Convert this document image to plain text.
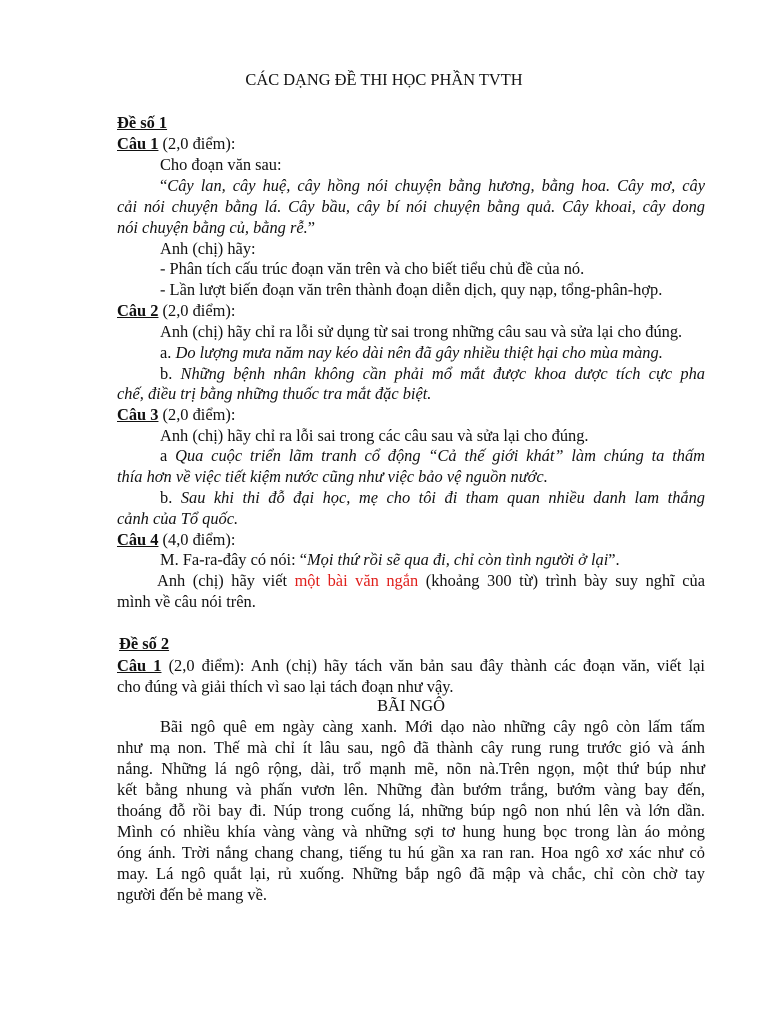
CÁC DẠNG ĐỀ THI HỌC PHẦN TVTH
Đề số 1
Câu 1 (2,0 điểm):
Cho đoạn văn sau:
“Cây lan, cây huệ, cây hồng nói chuyện bằng hương, bằng hoa. Cây mơ, cây
cải nói chuyện bằng lá. Cây bầu, cây bí nói chuyện bằng quả. Cây khoai, cây dong
nói chuyện bằng củ, bằng rễ.”
Anh (chị) hãy:
- Phân tích cấu trúc đoạn văn trên và cho biết tiểu chủ đề của nó.
- Lần lượt biến đoạn văn trên thành đoạn diễn dịch, quy nạp, tổng-phân-hợp.
Câu 2 (2,0 điểm):
Anh (chị) hãy chỉ ra lỗi sử dụng từ sai trong những câu sau và sửa lại cho đúng.
a. Do lượng mưa năm nay kéo dài nên đã gây nhiều thiệt hại cho mùa màng.
b. Những bệnh nhân không cần phải mổ mắt được khoa dược tích cực pha
chế, điều trị bằng những thuốc tra mắt đặc biệt.
Câu 3 (2,0 điểm):
Anh (chị) hãy chỉ ra lỗi sai trong các câu sau và sửa lại cho đúng.
a Qua cuộc triển lãm tranh cổ động “Cả thế giới khát” làm chúng ta thấm
thía hơn về việc tiết kiệm nước cũng như việc bảo vệ nguồn nước.
b. Sau khi thi đỗ đại học, mẹ cho tôi đi tham quan nhiều danh lam thắng
cảnh của Tổ quốc.
Câu 4 (4,0 điểm):
M. Fa-ra-đây có nói: “Mọi thứ rồi sẽ qua đi, chỉ còn tình người ở lại”.
Anh (chị) hãy viết một bài văn ngắn (khoảng 300 từ) trình bày suy nghĩ của
mình về câu nói trên.
Đề số 2
Câu 1 (2,0 điểm): Anh (chị) hãy tách văn bản sau đây thành các đoạn văn, viết lại
cho đúng và giải thích vì sao lại tách đoạn như vậy.
BÃI NGÔ
Bãi ngô quê em ngày càng xanh. Mới dạo nào những cây ngô còn lấm tấm
như mạ non. Thế mà chỉ ít lâu sau, ngô đã thành cây rung rung trước gió và ánh
nắng. Những lá ngô rộng, dài, trổ mạnh mẽ, nõn nà.Trên ngọn, một thứ búp như
kết bằng nhung và phấn vươn lên. Những đàn bướm trắng, bướm vàng bay đến,
thoáng đỗ rồi bay đi. Núp trong cuống lá, những búp ngô non nhú lên và lớn dần.
Mình có nhiều khía vàng vàng và những sợi tơ hung hung bọc trong làn áo mỏng
óng ánh. Trời nắng chang chang, tiếng tu hú gần xa ran ran. Hoa ngô xơ xác như cỏ
may. Lá ngô quắt lại, rủ xuống. Những bắp ngô đã mập và chắc, chỉ còn chờ tay
người đến bẻ mang về.
